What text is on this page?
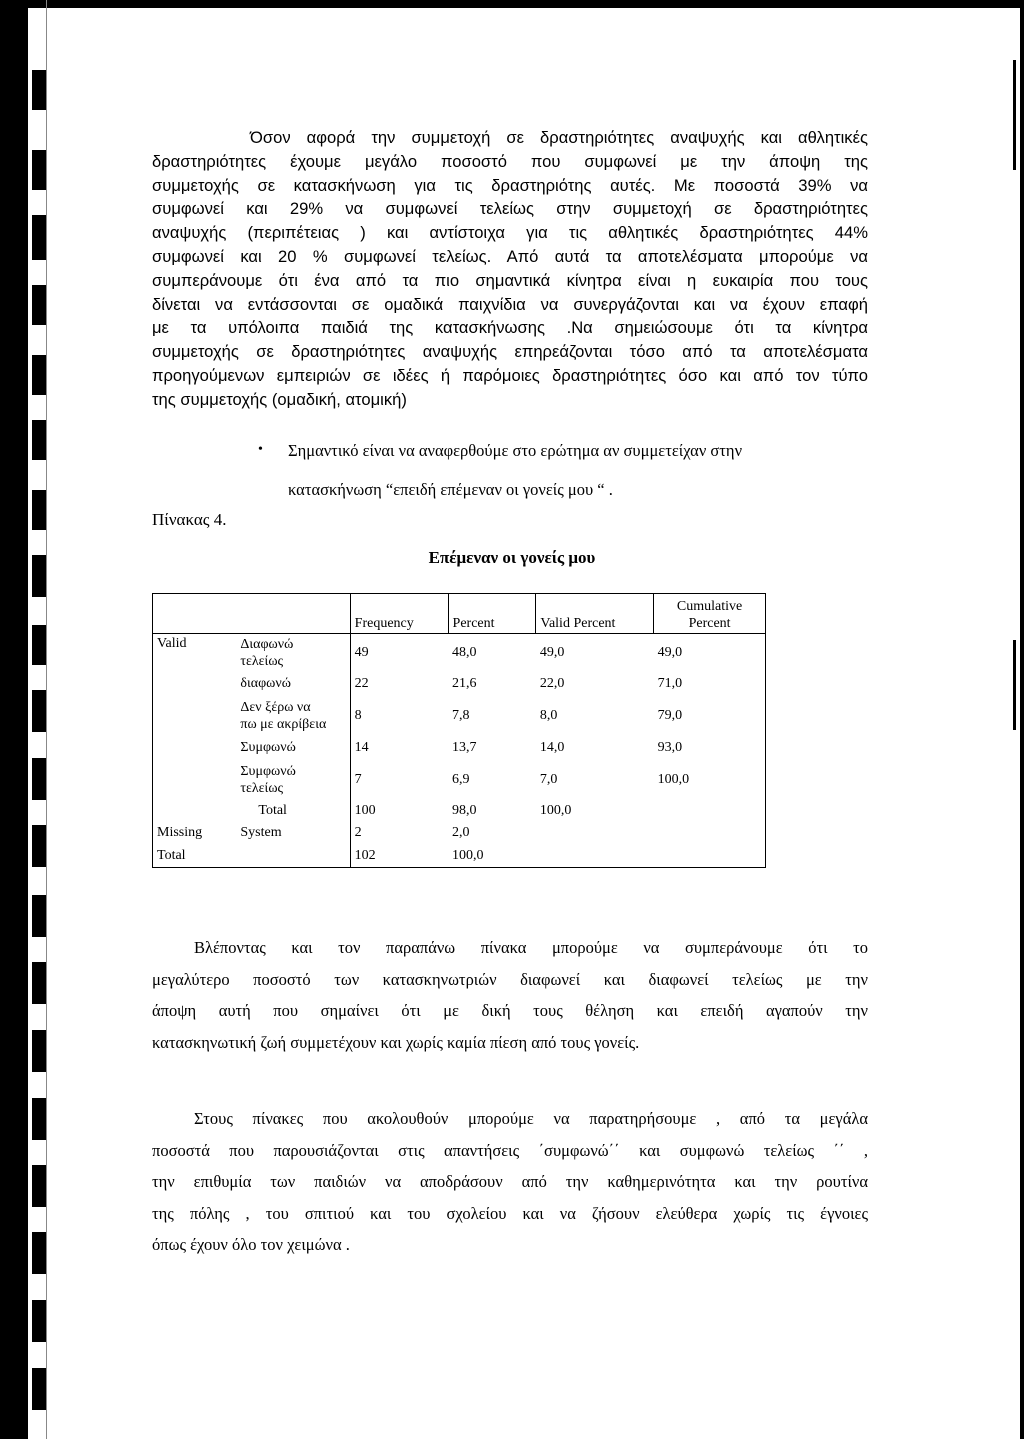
Όσον αφορά την συμμετοχή σε δραστηριότητες αναψυχής και αθλητικές
δραστηριότητες έχουμε μεγάλο ποσοστό που συμφωνεί με την άποψη της
συμμετοχής σε κατασκήνωση για τις δραστηριότης αυτές. Με ποσοστά 39% να
συμφωνεί και 29% να συμφωνεί τελείως στην συμμετοχή σε δραστηριότητες
αναψυχής (περιπέτειας ) και αντίστοιχα για τις αθλητικές δραστηριότητες 44%
συμφωνεί και 20 % συμφωνεί τελείως. Από αυτά τα αποτελέσματα μπορούμε να
συμπεράνουμε ότι ένα από τα πιο σημαντικά κίνητρα είναι η ευκαιρία που τους
δίνεται να εντάσσονται σε ομαδικά παιχνίδια να συνεργάζονται και να έχουν επαφή
με τα υπόλοιπα παιδιά της κατασκήνωσης .Να σημειώσουμε ότι τα κίνητρα
συμμετοχής σε δραστηριότητες αναψυχής επηρεάζονται τόσο από τα αποτελέσματα
προηγούμενων εμπειριών σε ιδέες ή παρόμοιες δραστηριότητες όσο και από τον τύπο
της συμμετοχής (ομαδική, ατομική)
• Σημαντικό είναι να αναφερθούμε στο ερώτημα αν συμμετείχαν στην
κατασκήνωση “επειδή επέμεναν οι γονείς μου “ .
Πίνακας 4.
Επέμεναν οι γονείς μου
		Frequency	Percent	Valid Percent	Cumulative
Percent
Valid	Διαφωνώ
τελείως	49	48,0	49,0	49,0
	διαφωνώ	22	21,6	22,0	71,0
	Δεν ξέρω να
πω με ακρίβεια	8	7,8	8,0	79,0
	Συμφωνώ	14	13,7	14,0	93,0
	Συμφωνώ
τελείως	7	6,9	7,0	100,0
	Total	100	98,0	100,0	
Missing	System	2	2,0		
Total		102	100,0		
Βλέποντας και τον παραπάνω πίνακα μπορούμε να συμπεράνουμε ότι το
μεγαλύτερο ποσοστό των κατασκηνωτριών διαφωνεί και διαφωνεί τελείως με την
άποψη αυτή που σημαίνει ότι με δική τους θέληση και επειδή αγαπούν την
κατασκηνωτική ζωή συμμετέχουν και χωρίς καμία πίεση από τους γονείς.
Στους πίνακες που ακολουθούν μπορούμε να παρατηρήσουμε , από τα μεγάλα
ποσοστά που παρουσιάζονται στις απαντήσεις ΄συμφωνώ΄΄ και συμφωνώ τελείως ΄΄ ,
την επιθυμία των παιδιών να αποδράσουν από την καθημερινότητα και την ρουτίνα
της πόλης , του σπιτιού και του σχολείου και να ζήσουν ελεύθερα χωρίς τις έγνοιες
όπως έχουν όλο τον χειμώνα .
